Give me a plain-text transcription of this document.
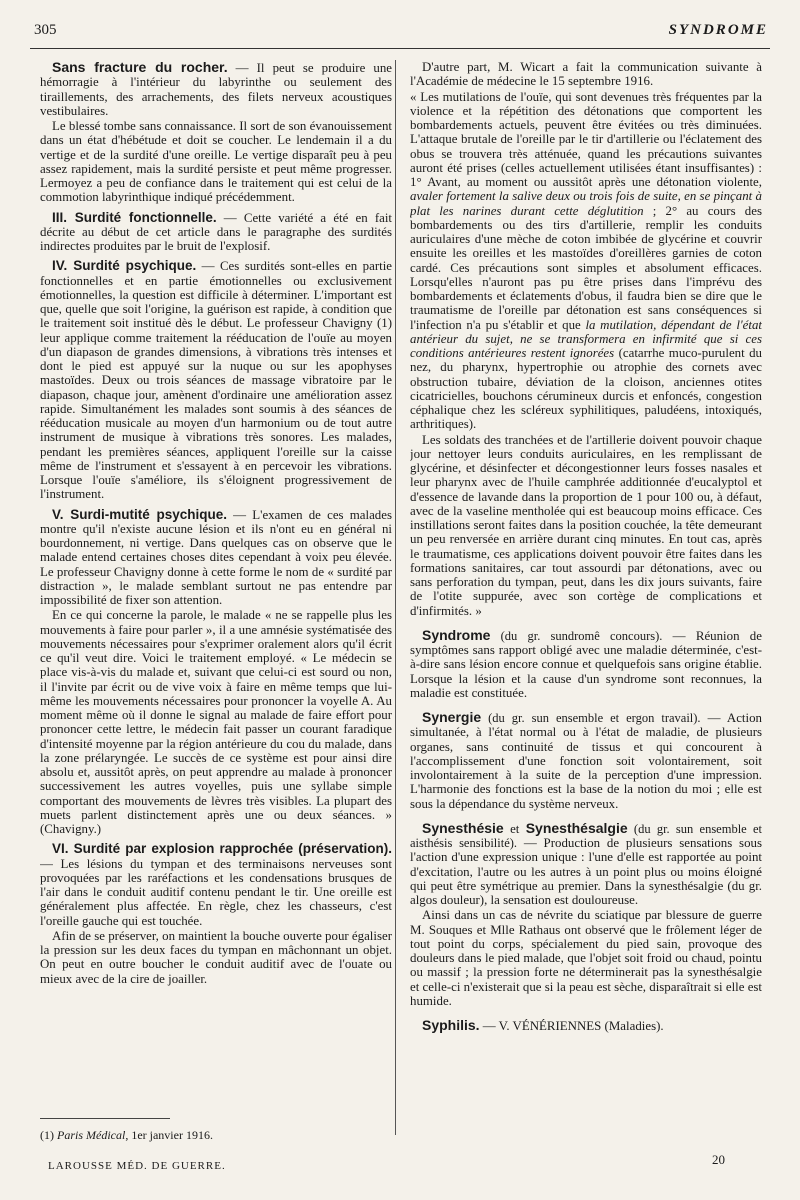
305	SYNDROME

Sans fracture du rocher. — Il peut se produire une hémorragie à l'intérieur du labyrinthe ou seulement des tiraillements, des arrachements, des filets nerveux acoustiques vestibulaires.

Le blessé tombe sans connaissance. Il sort de son évanouissement dans un état d'hébétude et doit se coucher. Le lendemain il a du vertige et de la surdité d'une oreille. Le vertige disparaît peu à peu assez rapidement, mais la surdité persiste et peut même progresser. Lermoyez a peu de confiance dans le traitement qui est celui de la commotion labyrinthique indiqué précédemment.

III. Surdité fonctionnelle. — Cette variété a été en fait décrite au début de cet article dans le paragraphe des surdités indirectes produites par le bruit de l'explosif.

IV. Surdité psychique. — Ces surdités sont-elles en partie fonctionnelles et en partie émotionnelles ou exclusivement émotionnelles, la question est difficile à déterminer. L'important est que, quelle que soit l'origine, la guérison est rapide, à condition que le traitement soit institué dès le début. Le professeur Chavigny (1) leur applique comme traitement la rééducation de l'ouïe au moyen d'un diapason de grandes dimensions, à vibrations très intenses et dont le pied est appuyé sur la nuque ou sur les apophyses mastoïdes. Deux ou trois séances de massage vibratoire par le diapason, chaque jour, amènent d'ordinaire une amélioration assez rapide. Simultanément les malades sont soumis à des séances de rééducation musicale au moyen d'un harmonium ou de tout autre instrument de musique à vibrations très sonores. Les malades, pendant les premières séances, appliquent l'oreille sur la caisse même de l'instrument et s'essayent à en percevoir les vibrations. Lorsque l'ouïe s'améliore, ils s'éloignent progressivement de l'instrument.

V. Surdi-mutité psychique. — L'examen de ces malades montre qu'il n'existe aucune lésion et ils n'ont eu en général ni bourdonnement, ni vertige. Dans quelques cas on observe que le malade entend certaines choses dites cependant à voix peu élevée. Le professeur Chavigny donne à cette forme le nom de « surdité par distraction », le malade semblant surtout ne pas entendre par impossibilité de fixer son attention.

En ce qui concerne la parole, le malade « ne se rappelle plus les mouvements à faire pour parler », il a une amnésie systématisée des mouvements nécessaires pour s'exprimer oralement alors qu'il écrit ce qu'il veut dire. Voici le traitement employé. « Le médecin se place vis-à-vis du malade et, suivant que celui-ci est sourd ou non, il l'invite par écrit ou de vive voix à faire en même temps que lui-même les mouvements nécessaires pour prononcer la voyelle A. Au moment même où il donne le signal au malade de faire effort pour prononcer cette lettre, le médecin fait passer un courant faradique d'intensité moyenne par la région antérieure du cou du malade, dans la zone prélaryngée. Le succès de ce système est pour ainsi dire absolu et, aussitôt après, on peut apprendre au malade à prononcer successivement les autres voyelles, puis une syllabe simple comportant des mouvements de lèvres très visibles. La plupart des muets parlent distinctement après une ou deux séances. » (Chavigny.)

VI. Surdité par explosion rapprochée (préservation). — Les lésions du tympan et des terminaisons nerveuses sont provoquées par les raréfactions et les condensations brusques de l'air dans le conduit auditif contenu pendant le tir. Une oreille est généralement plus affectée. En règle, chez les chasseurs, c'est l'oreille gauche qui est touchée.

Afin de se préserver, on maintient la bouche ouverte pour égaliser la pression sur les deux faces du tympan en mâchonnant un objet. On peut en outre boucher le conduit auditif avec de l'ouate ou mieux avec de la cire de joailler.

D'autre part, M. Wicart a fait la communication suivante à l'Académie de médecine le 15 septembre 1916.

« Les mutilations de l'ouïe, qui sont devenues très fréquentes par la violence et la répétition des détonations que comportent les bombardements actuels, peuvent être évitées ou très diminuées. L'attaque brutale de l'oreille par le tir d'artillerie ou l'éclatement des obus se trouvera très atténuée, quand les précautions suivantes auront été prises (celles actuellement utilisées étant insuffisantes) : 1° Avant, au moment ou aussitôt après une détonation violente, avaler fortement la salive deux ou trois fois de suite, en se pinçant à plat les narines durant cette déglutition ; 2° au cours des bombardements ou des tirs d'artillerie, remplir les conduits auriculaires d'une mèche de coton imbibée de glycérine et couvrir ensuite les oreilles et les mastoïdes d'oreillères garnies de coton cardé. Ces précautions sont simples et absolument efficaces. Lorsqu'elles n'auront pas pu être prises dans l'imprévu des bombardements et éclatements d'obus, il faudra bien se dire que le traumatisme de l'oreille par détonation est sans conséquences si l'infection n'a pu s'établir et que la mutilation, dépendant de l'état antérieur du sujet, ne se transformera en infirmité que si ces conditions antérieures restent ignorées (catarrhe muco-purulent du nez, du pharynx, hypertrophie ou atrophie des cornets avec obstruction tubaire, déviation de la cloison, anciennes otites cicatricielles, bouchons cérumineux durcis et enfoncés, congestion céphalique chez les scléreux syphilitiques, paludéens, intoxiqués, arthritiques).

Les soldats des tranchées et de l'artillerie doivent pouvoir chaque jour nettoyer leurs conduits auriculaires, en les remplissant de glycérine, et désinfecter et décongestionner leurs fosses nasales et leur pharynx avec de l'huile camphrée additionnée d'eucalyptol et d'essence de lavande dans la proportion de 1 pour 100 ou, à défaut, avec de la vaseline mentholée qui est beaucoup moins efficace. Ces instillations seront faites dans la position couchée, la tête demeurant un peu renversée en arrière durant cinq minutes. En tout cas, après le traumatisme, ces applications doivent pouvoir être faites dans les formations sanitaires, car tout assourdi par détonations, avec ou sans perforation du tympan, peut, dans les dix jours suivants, faire de l'otite suppurée, avec son cortège de complications et d'infirmités. »

Syndrome (du gr. sundromê concours). — Réunion de symptômes sans rapport obligé avec une maladie déterminée, c'est-à-dire sans lésion encore connue et quelquefois sans origine établie. Lorsque la lésion et la cause d'un syndrome sont reconnues, la maladie est constituée.

Synergie (du gr. sun ensemble et ergon travail). — Action simultanée, à l'état normal ou à l'état de maladie, de plusieurs organes, sans continuité de tissus et qui concourent à l'accomplissement d'une fonction soit volontairement, soit involontairement à la suite de la perception d'une impression. L'harmonie des fonctions est la base de la notion du moi ; elle est sous la dépendance du système nerveux.

Synesthésie et Synesthésalgie (du gr. sun ensemble et aisthésis sensibilité). — Production de plusieurs sensations sous l'action d'une expression unique : l'une d'elle est rapportée au point d'excitation, l'autre ou les autres à un point plus ou moins éloigné qui peut être symétrique au premier. Dans la synesthésalgie (du gr. algos douleur), la sensation est douloureuse.

Ainsi dans un cas de névrite du sciatique par blessure de guerre M. Souques et Mlle Rathaus ont observé que le frôlement léger de tout point du corps, spécialement du pied sain, provoque des douleurs dans le pied malade, que l'objet soit froid ou chaud, pointu ou massif ; la pression forte ne déterminerait pas la synesthésalgie et celle-ci n'existerait que si la peau est sèche, disparaîtrait si elle est humide.

Syphilis. — V. VÉNÉRIENNES (Maladies).

(1) Paris Médical, 1er janvier 1916.
LAROUSSE MÉD. DE GUERRE.	20
